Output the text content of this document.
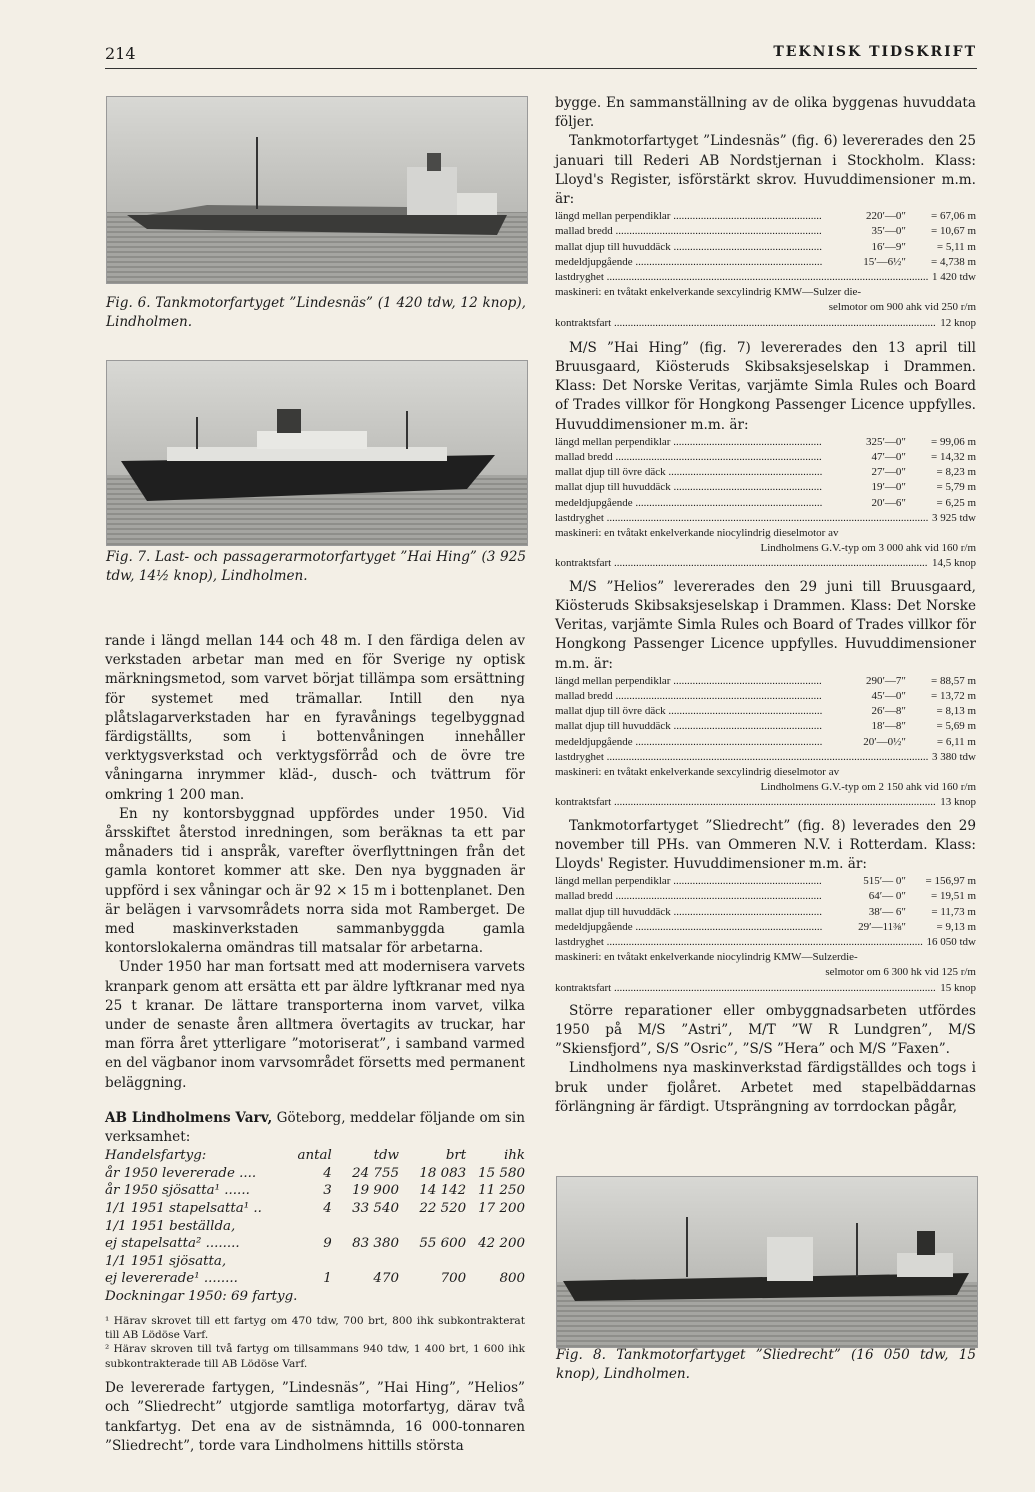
214	TEKNISK TIDSKRIFT
Fig. 6. Tankmotorfartyget ”Lindesnäs” (1 420 tdw, 12 knop), Lindholmen.
Fig. 7. Last- och passagerarmotorfartyget ”Hai Hing” (3 925 tdw, 14½ knop), Lindholmen.

rande i längd mellan 144 och 48 m. I den färdiga delen av verkstaden arbetar man med en för Sverige ny optisk märkningsmetod, som varvet börjat tillämpa som ersättning för systemet med trämallar. Intill den nya plåtslagarverkstaden har en fyravånings tegelbyggnad färdigställts, som i bottenvåningen innehåller verktygsverkstad och verktygsförråd och de övre tre våningarna inrymmer kläd-, dusch- och tvättrum för omkring 1 200 man.

En ny kontorsbyggnad uppfördes under 1950. Vid årsskiftet återstod inredningen, som beräknas ta ett par månaders tid i anspråk, varefter överflyttningen från det gamla kontoret kommer att ske. Den nya byggnaden är uppförd i sex våningar och är 92 × 15 m i bottenplanet. Den är belägen i varvsområdets norra sida mot Ramberget. De med maskinverkstaden sammanbyggda gamla kontorslokalerna omändras till matsalar för arbetarna.

Under 1950 har man fortsatt med att modernisera varvets kranpark genom att ersätta ett par äldre lyftkranar med nya 25 t kranar. De lättare transporterna inom varvet, vilka under de senaste åren alltmera övertagits av truckar, har man förra året ytterligare ”motoriserat”, i samband varmed en del vägbanor inom varvsområdet försetts med permanent beläggning.

AB Lindholmens Varv, Göteborg, meddelar följande om sin verksamhet:

Handelsfartyg:	antal	tdw	brt	ihk
år 1950 levererade ....	4	24 755	18 083	15 580
år 1950 sjösatta¹ ......	3	19 900	14 142	11 250
1/1 1951 stapelsatta¹ ..	4	33 540	22 520	17 200
1/1 1951 beställda,				
ej stapelsatta² ........	9	83 380	55 600	42 200
1/1 1951 sjösatta,				
ej levererade¹ ........	1	470	700	800
Dockningar 1950: 69 fartyg.				

¹ Härav skrovet till ett fartyg om 470 tdw, 700 brt, 800 ihk subkontrakterat till AB Lödöse Varf.

² Härav skroven till två fartyg om tillsammans 940 tdw, 1 400 brt, 1 600 ihk subkontrakterade till AB Lödöse Varf.

De levererade fartygen, ”Lindesnäs”, ”Hai Hing”, ”Helios” och ”Sliedrecht” utgjorde samtliga motorfartyg, därav två tankfartyg. Det ena av de sistnämnda, 16 000-tonnaren ”Sliedrecht”, torde vara Lindholmens hittills största

bygge. En sammanställning av de olika byggenas huvuddata följer.

Tankmotorfartyget ”Lindesnäs” (fig. 6) levererades den 25 januari till Rederi AB Nordstjernan i Stockholm. Klass: Lloyd's Register, isförstärkt skrov. Huvuddimensioner m.m. är:

längd mellan perpendiklar .....	220′—0″	= 67,06 m
mallad bredd .....	35′—0″	= 10,67 m
mallat djup till huvuddäck .....	16′—9″	= 5,11 m
medeldjupgående .....	15′—6½″	= 4,738 m
lastdryghet .....	1 420 tdw
maskineri: en tvåtakt enkelverkande sexcylindrig KMW—Sulzer die-
selmotor om 900 ahk vid 250 r/m
kontraktsfart .....	12 knop

M/S ”Hai Hing” (fig. 7) levererades den 13 april till Bruusgaard, Kiösteruds Skibsaksjeselskap i Drammen. Klass: Det Norske Veritas, varjämte Simla Rules och Board of Trades villkor för Hongkong Passenger Licence uppfylles. Huvuddimensioner m.m. är:

längd mellan perpendiklar .....	325′—0″	= 99,06 m
mallad bredd .....	47′—0″	= 14,32 m
mallat djup till övre däck .....	27′—0″	= 8,23 m
mallat djup till huvuddäck .....	19′—0″	= 5,79 m
medeldjupgående .....	20′—6″	= 6,25 m
lastdryghet .....	3 925 tdw
maskineri: en tvåtakt enkelverkande niocylindrig dieselmotor av
Lindholmens G.V.-typ om 3 000 ahk vid 160 r/m
kontraktsfart .....	14,5 knop

M/S ”Helios” levererades den 29 juni till Bruusgaard, Kiösteruds Skibsaksjeselskap i Drammen. Klass: Det Norske Veritas, varjämte Simla Rules och Board of Trades villkor för Hongkong Passenger Licence uppfylles. Huvuddimensioner m.m. är:

längd mellan perpendiklar .....	290′—7″	= 88,57 m
mallad bredd .....	45′—0″	= 13,72 m
mallat djup till övre däck .....	26′—8″	= 8,13 m
mallat djup till huvuddäck .....	18′—8″	= 5,69 m
medeldjupgående .....	20′—0½″	= 6,11 m
lastdryghet .....	3 380 tdw
maskineri: en tvåtakt enkelverkande sexcylindrig dieselmotor av
Lindholmens G.V.-typ om 2 150 ahk vid 160 r/m
kontraktsfart .....	13 knop

Tankmotorfartyget ”Sliedrecht” (fig. 8) leverades den 29 november till PHs. van Ommeren N.V. i Rotterdam. Klass: Lloyds' Register. Huvuddimensioner m.m. är:

längd mellan perpendiklar .....	515′— 0″	= 156,97 m
mallad bredd .....	64′— 0″	= 19,51 m
mallat djup till huvuddäck .....	38′— 6″	= 11,73 m
medeldjupgående .....	29′—11⅜″	= 9,13 m
lastdryghet .....	16 050 tdw
maskineri: en tvåtakt enkelverkande niocylindrig KMW—Sulzerdie-
selmotor om 6 300 hk vid 125 r/m
kontraktsfart .....	15 knop

Större reparationer eller ombyggnadsarbeten utfördes 1950 på M/S ”Astri”, M/T ”W R Lundgren”, M/S ”Skiensfjord”, S/S ”Osric”, ”S/S ”Hera” och M/S ”Faxen”.

Lindholmens nya maskinverkstad färdigställdes och togs i bruk under fjolåret. Arbetet med stapelbäddarnas förlängning är färdigt. Utsprängning av torrdockan pågår,

Fig. 8. Tankmotorfartyget ”Sliedrecht” (16 050 tdw, 15 knop), Lindholmen.
